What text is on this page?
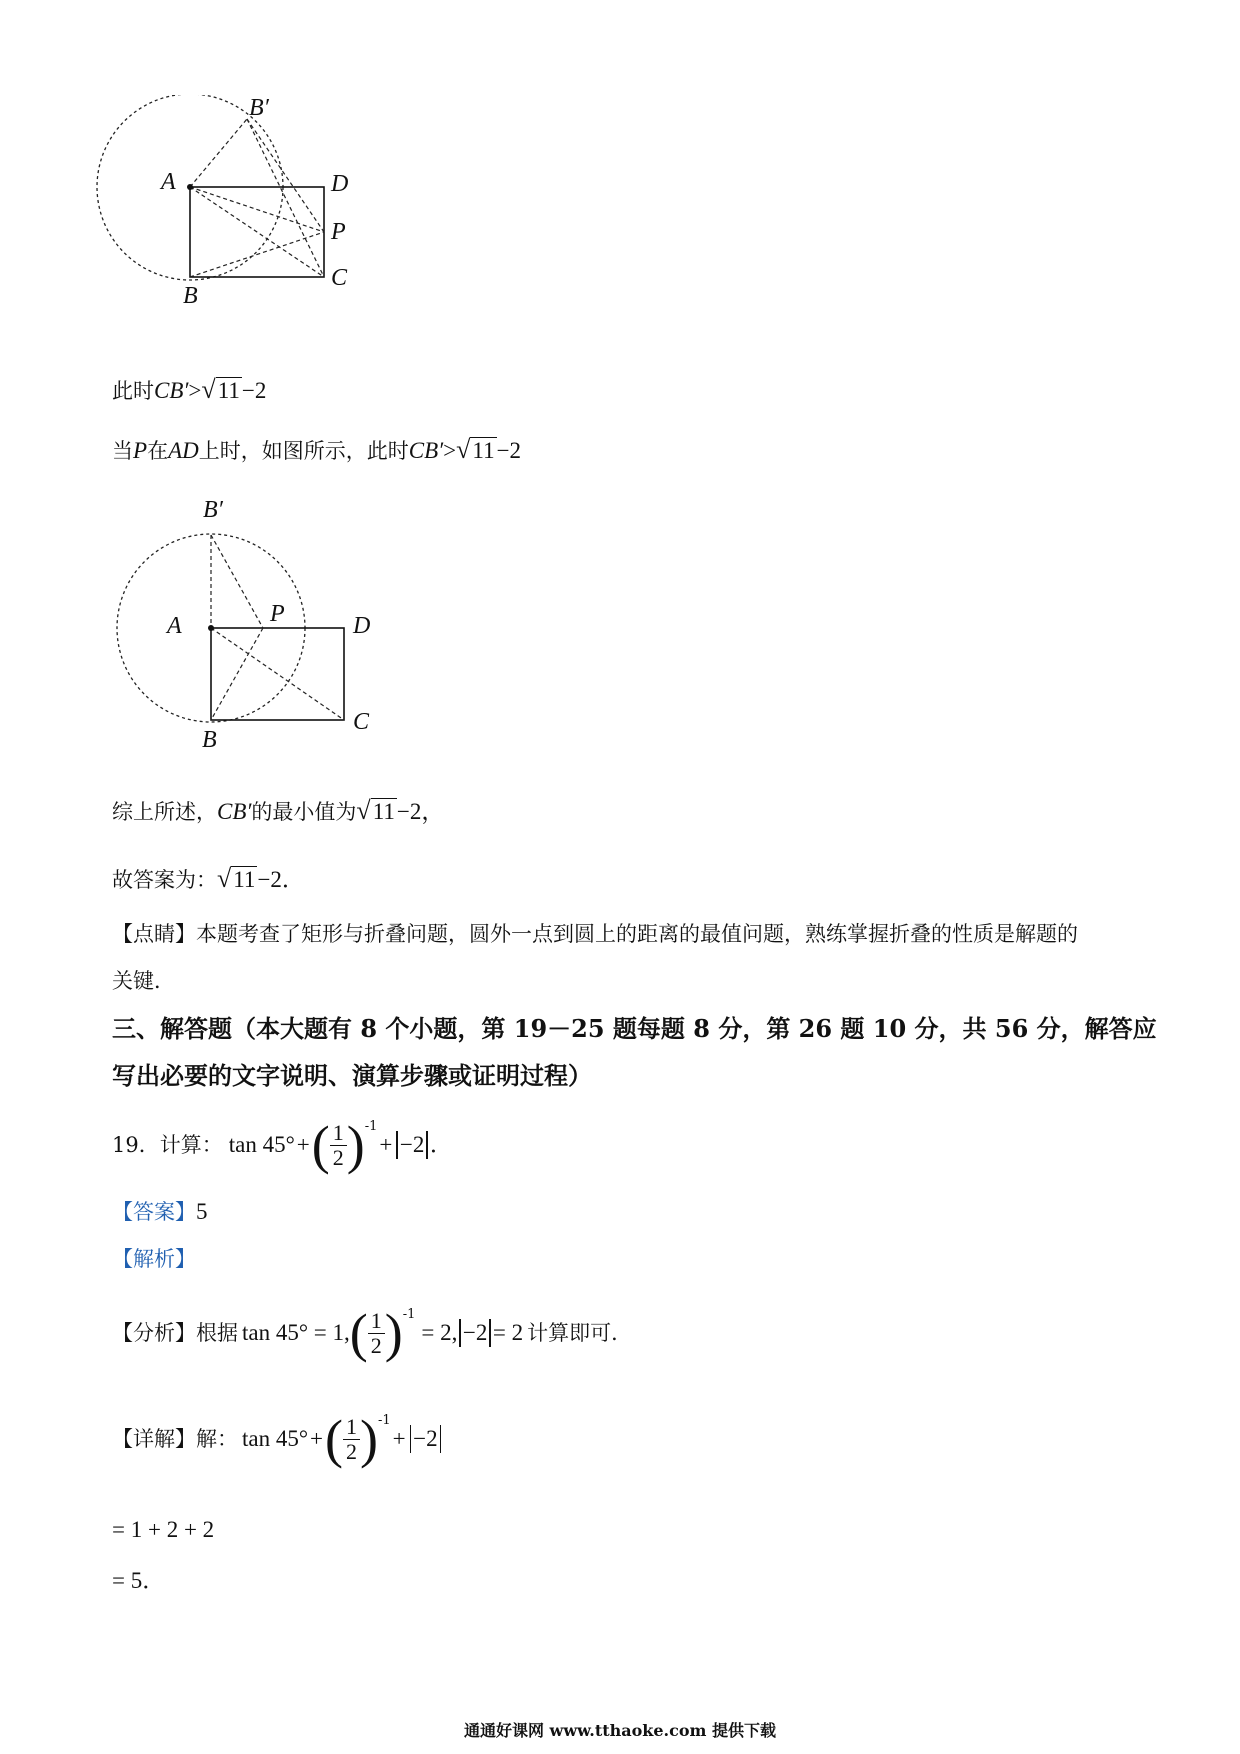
B′
A	D
P
B
C
此时CB′>√11−2
当P在AD上时，如图所示，此时CB′>√11−2
B′
A	P	D
B
C
综上所述，CB′的最小值为√11−2，
故答案为：√11−2．
【点睛】本题考查了矩形与折叠问题，圆外一点到圆上的距离的最值问题，熟练掌握折叠的性质是解题的
关键．
三、解答题（本大题有 8 个小题，第 19－25 题每题 8 分，第 26 题 10 分，共 56 分，解答应
写出必要的文字说明、演算步骤或证明过程）
19．计算： tan 45° + ( $\frac{1}{2}$ ) -1
+ −2 ．
【答案】5
【解析】
【分析】 根据 tan 45° = 1, ( $\frac{1}{2}$ ) -1
= 2, −2 = 2 计算即可．
【详解】 解： tan 45° + ( $\frac{1}{2}$ ) -1
+ −2
= 1 + 2 + 2
= 5．
通通好课网 www.tthaoke.com 提供下载
